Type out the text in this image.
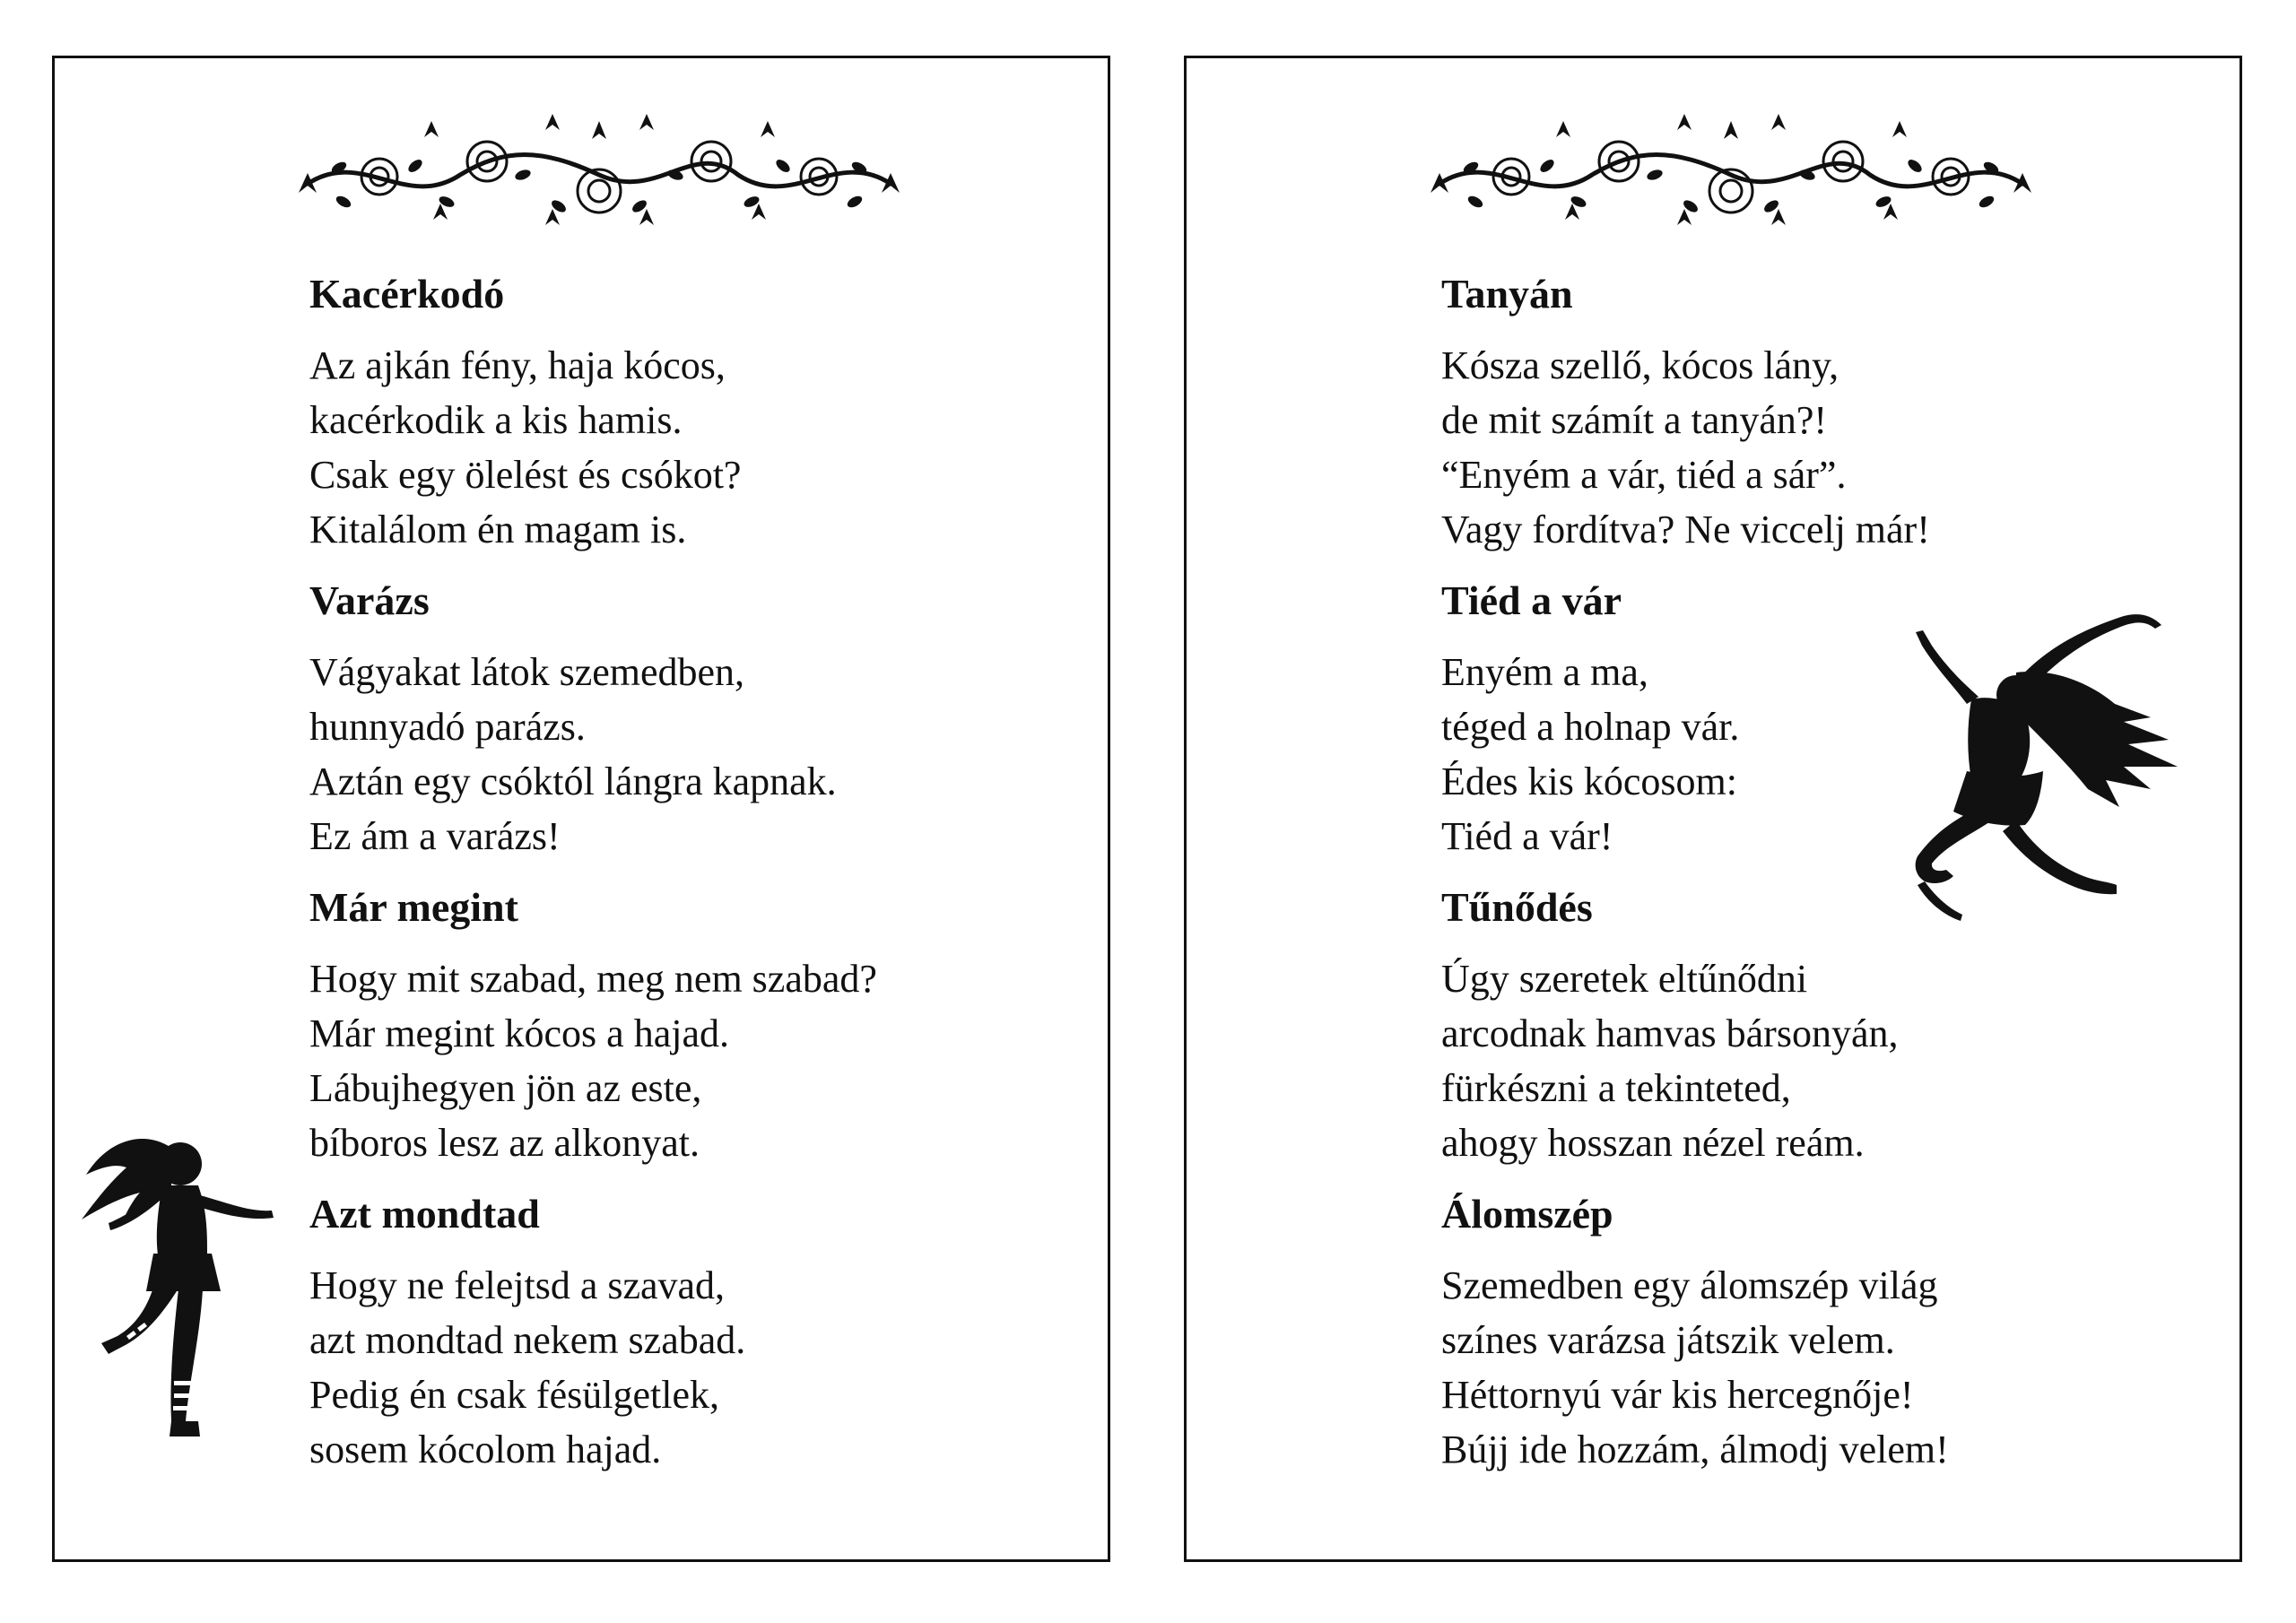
Kacérkodó
Az ajkán fény, haja kócos,
kacérkodik a kis hamis.
Csak egy ölelést és csókot?
Kitalálom én magam is.
Varázs
Vágyakat látok szemedben,
hunnyadó parázs.
Aztán egy csóktól lángra kapnak.
Ez ám a varázs!
Már megint
Hogy mit szabad, meg nem szabad?
Már megint kócos a hajad.
Lábujhegyen jön az este,
bíboros lesz az alkonyat.
Azt mondtad
Hogy ne felejtsd a szavad,
azt mondtad nekem szabad.
Pedig én csak fésülgetlek,
sosem kócolom hajad.
Tanyán
Kósza szellő, kócos lány,
de mit számít a tanyán?!
“Enyém a vár, tiéd a sár”.
Vagy fordítva? Ne viccelj már!
Tiéd a vár
Enyém a ma,
téged a holnap vár.
Édes kis kócosom:
Tiéd a vár!
Tűnődés
Úgy szeretek eltűnődni
arcodnak hamvas bársonyán,
fürkészni a tekinteted,
ahogy hosszan nézel reám.
Álomszép
Szemedben egy álomszép világ
színes varázsa játszik velem.
Héttornyú vár kis hercegnője!
Bújj ide hozzám, álmodj velem!
